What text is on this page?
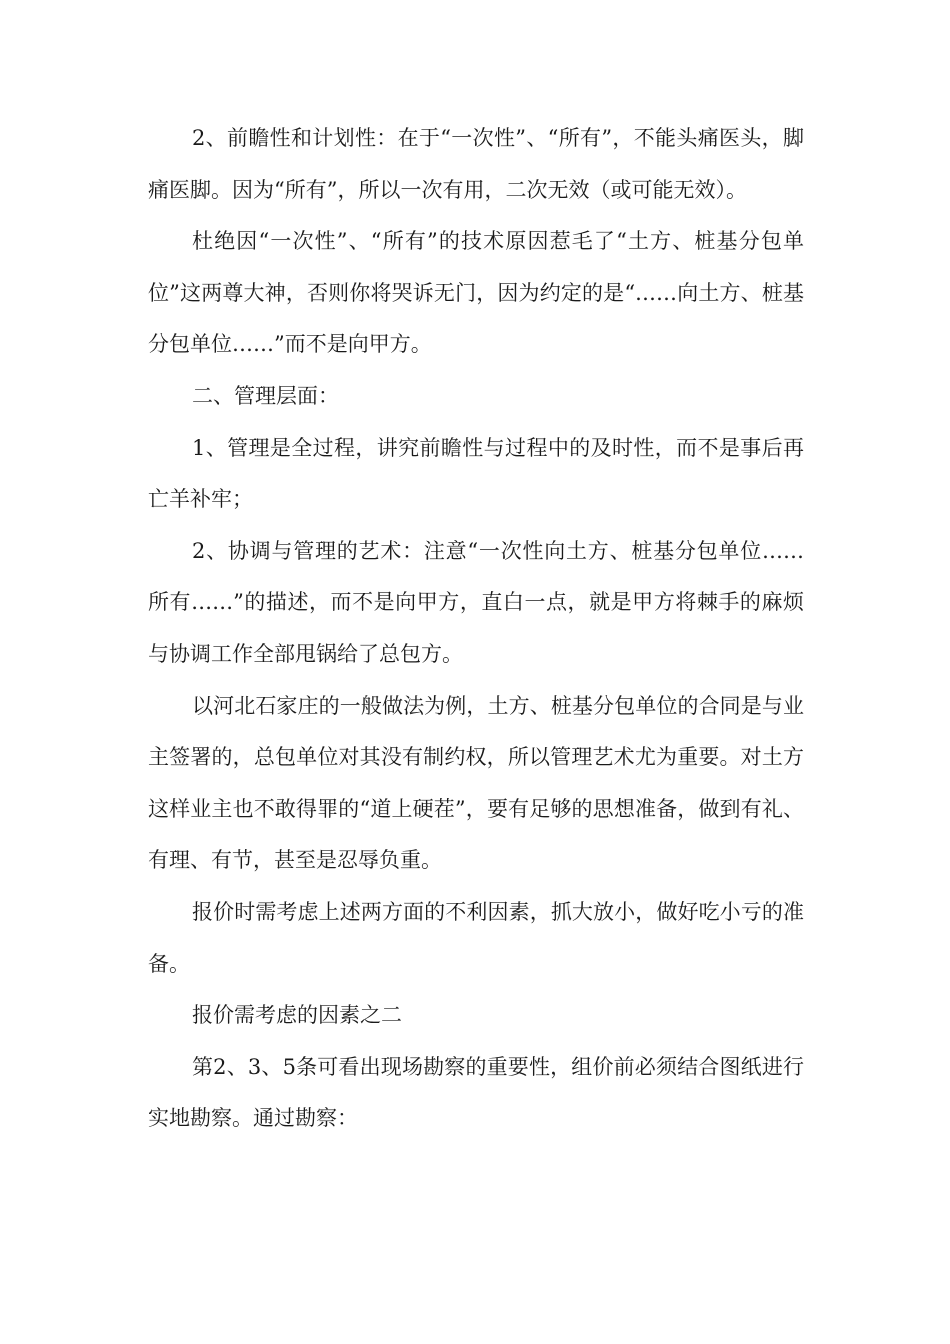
2、前瞻性和计划性：在于“一次性”、“所有”，不能头痛医头，脚痛医脚。因为“所有”，所以一次有用，二次无效（或可能无效）。

杜绝因“一次性”、“所有”的技术原因惹毛了“土方、桩基分包单位”这两尊大神，否则你将哭诉无门，因为约定的是“……向土方、桩基分包单位……”而不是向甲方。

二、管理层面：

1、管理是全过程，讲究前瞻性与过程中的及时性，而不是事后再亡羊补牢；

2、协调与管理的艺术：注意“一次性向土方、桩基分包单位……所有……”的描述，而不是向甲方，直白一点，就是甲方将棘手的麻烦与协调工作全部甩锅给了总包方。

以河北石家庄的一般做法为例，土方、桩基分包单位的合同是与业主签署的，总包单位对其没有制约权，所以管理艺术尤为重要。对土方这样业主也不敢得罪的“道上硬茬”，要有足够的思想准备，做到有礼、有理、有节，甚至是忍辱负重。

报价时需考虑上述两方面的不利因素，抓大放小，做好吃小亏的准备。

报价需考虑的因素之二

第2、3、5条可看出现场勘察的重要性，组价前必须结合图纸进行实地勘察。通过勘察：
